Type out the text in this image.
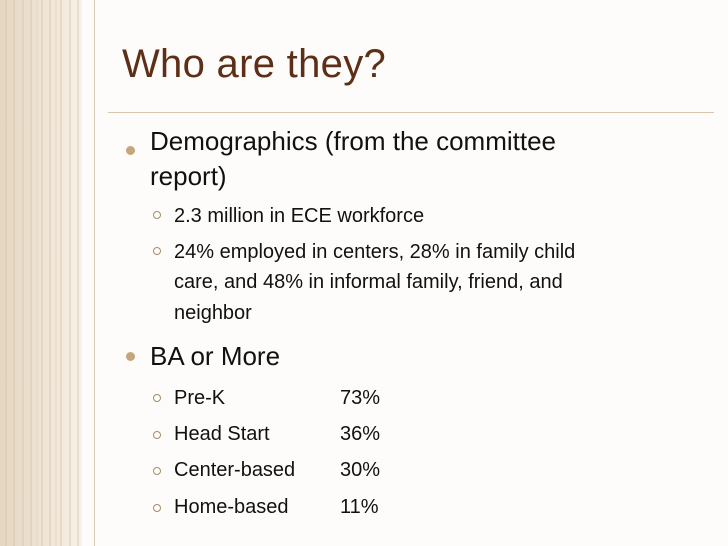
Who are they?
Demographics (from the committee
report)
2.3 million in ECE workforce
24% employed in centers, 28% in family child
care, and 48% in informal family, friend, and
neighbor
BA or More
Pre-K	73%
Head Start	36%
Center-based 30%
Home-based	11%
